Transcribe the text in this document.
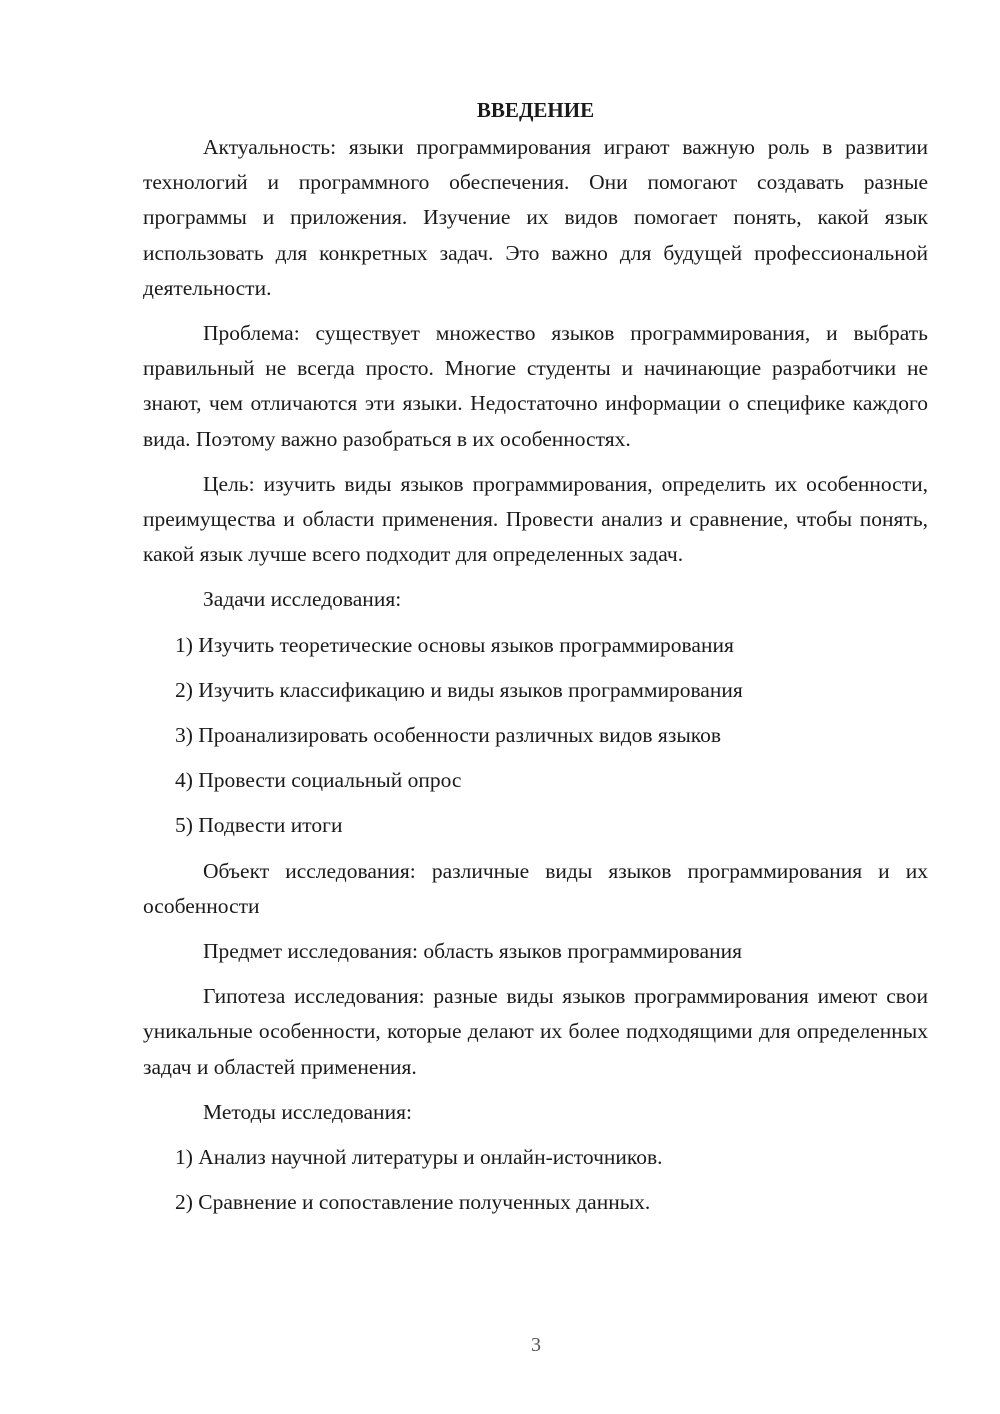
ВВЕДЕНИЕ

Актуальность: языки программирования играют важную роль в развитии технологий и программного обеспечения. Они помогают создавать разные программы и приложения. Изучение их видов помогает понять, какой язык использовать для конкретных задач. Это важно для будущей профессиональной деятельности.

Проблема: существует множество языков программирования, и выбрать правильный не всегда просто. Многие студенты и начинающие разработчики не знают, чем отличаются эти языки. Недостаточно информации о специфике каждого вида. Поэтому важно разобраться в их особенностях.

Цель: изучить виды языков программирования, определить их особенности, преимущества и области применения. Провести анализ и сравнение, чтобы понять, какой язык лучше всего подходит для определенных задач.

Задачи исследования:

1) Изучить теоретические основы языков программирования

2) Изучить классификацию и виды языков программирования

3) Проанализировать особенности различных видов языков

4) Провести социальный опрос

5) Подвести итоги

Объект исследования: различные виды языков программирования и их особенности

Предмет исследования: область языков программирования

Гипотеза исследования: разные виды языков программирования имеют свои уникальные особенности, которые делают их более подходящими для определенных задач и областей применения.

Методы исследования:

1) Анализ научной литературы и онлайн-источников.

2) Сравнение и сопоставление полученных данных.

3
